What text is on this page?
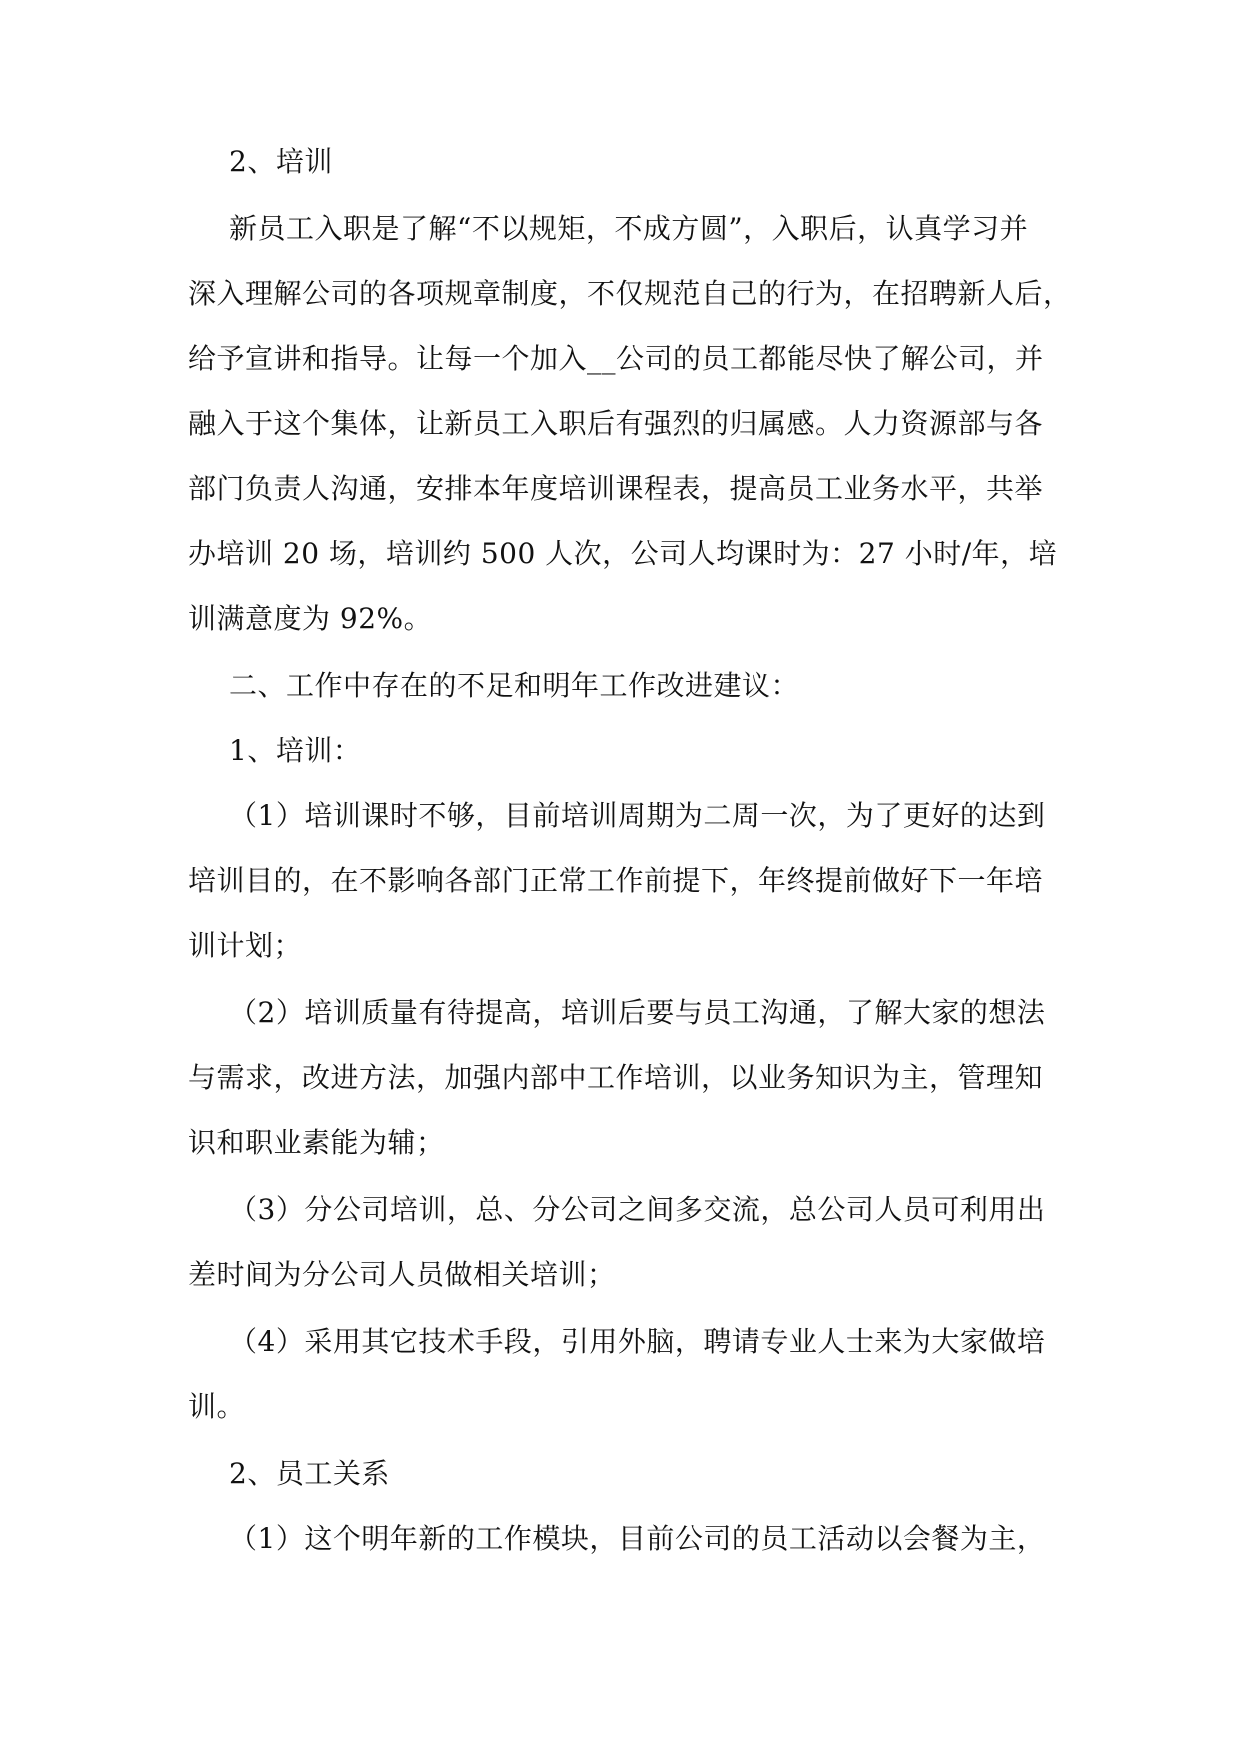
2、培训

新员工入职是了解“不以规矩，不成方圆”，入职后，认真学习并

深入理解公司的各项规章制度，不仅规范自己的行为，在招聘新人后，

给予宣讲和指导。让每一个加入__公司的员工都能尽快了解公司，并

融入于这个集体，让新员工入职后有强烈的归属感。人力资源部与各

部门负责人沟通，安排本年度培训课程表，提高员工业务水平，共举

办培训 20 场，培训约 500 人次，公司人均课时为：27 小时/年，培

训满意度为 92%。

二、工作中存在的不足和明年工作改进建议：

1、培训：

（1）培训课时不够，目前培训周期为二周一次，为了更好的达到

培训目的，在不影响各部门正常工作前提下，年终提前做好下一年培

训计划；

（2）培训质量有待提高，培训后要与员工沟通，了解大家的想法

与需求，改进方法，加强内部中工作培训，以业务知识为主，管理知

识和职业素能为辅；

（3）分公司培训，总、分公司之间多交流，总公司人员可利用出

差时间为分公司人员做相关培训；

（4）采用其它技术手段，引用外脑，聘请专业人士来为大家做培

训。

2、员工关系

（1）这个明年新的工作模块，目前公司的员工活动以会餐为主，
